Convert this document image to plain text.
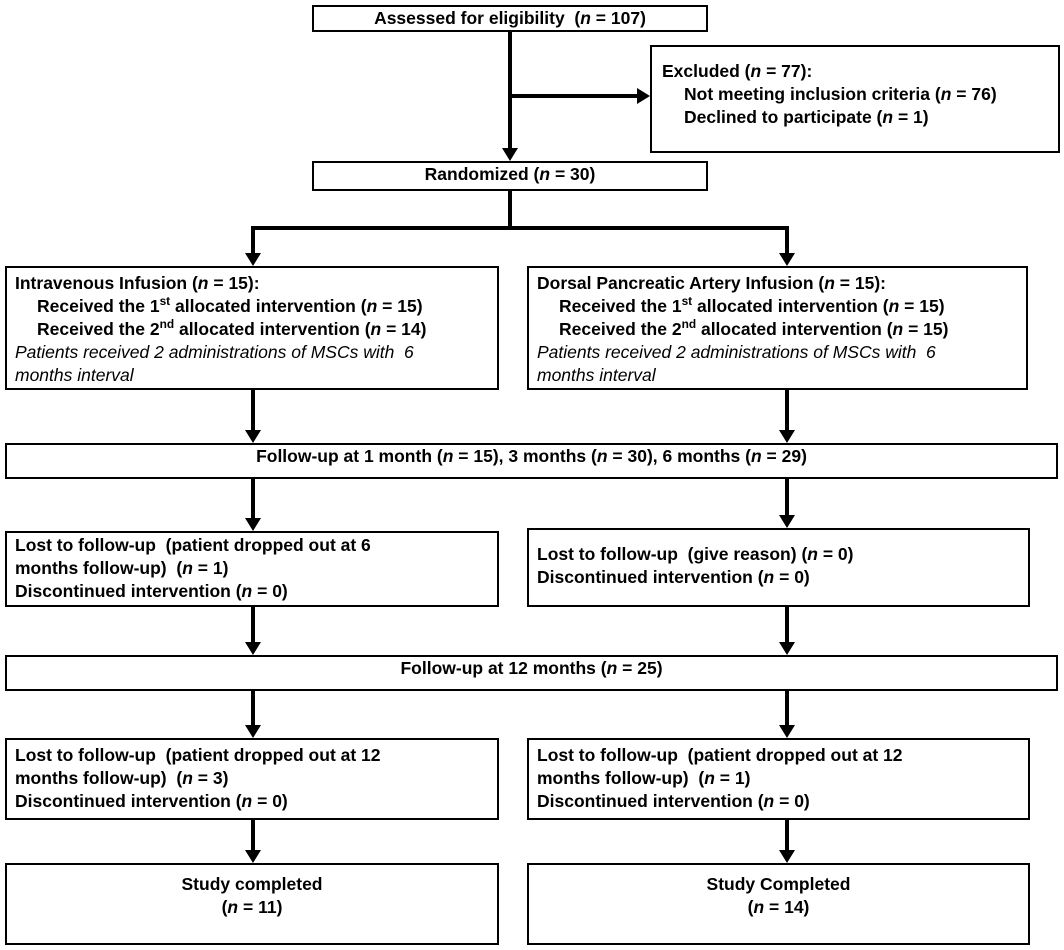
Assessed for eligibility  (n = 107)
Excluded (n = 77):
Not meeting inclusion criteria (n = 76)
Declined to participate (n = 1)
Randomized (n = 30)
Intravenous Infusion (n = 15):
Received the 1st allocated intervention (n = 15)
Received the 2nd allocated intervention (n = 14)
Patients received 2 administrations of MSCs with  6
months interval
Dorsal Pancreatic Artery Infusion (n = 15):
Received the 1st allocated intervention (n = 15)
Received the 2nd allocated intervention (n = 15)
Patients received 2 administrations of MSCs with  6
months interval
Follow-up at 1 month (n = 15), 3 months (n = 30), 6 months (n = 29)
Lost to follow-up  (patient dropped out at 6
months follow-up)  (n = 1)
Discontinued intervention (n = 0)
Lost to follow-up  (give reason) (n = 0)
Discontinued intervention (n = 0)
Follow-up at 12 months (n = 25)
Lost to follow-up  (patient dropped out at 12
months follow-up)  (n = 3)
Discontinued intervention (n = 0)
Lost to follow-up  (patient dropped out at 12
months follow-up)  (n = 1)
Discontinued intervention (n = 0)
Study completed
(n = 11)
Study Completed
(n = 14)
